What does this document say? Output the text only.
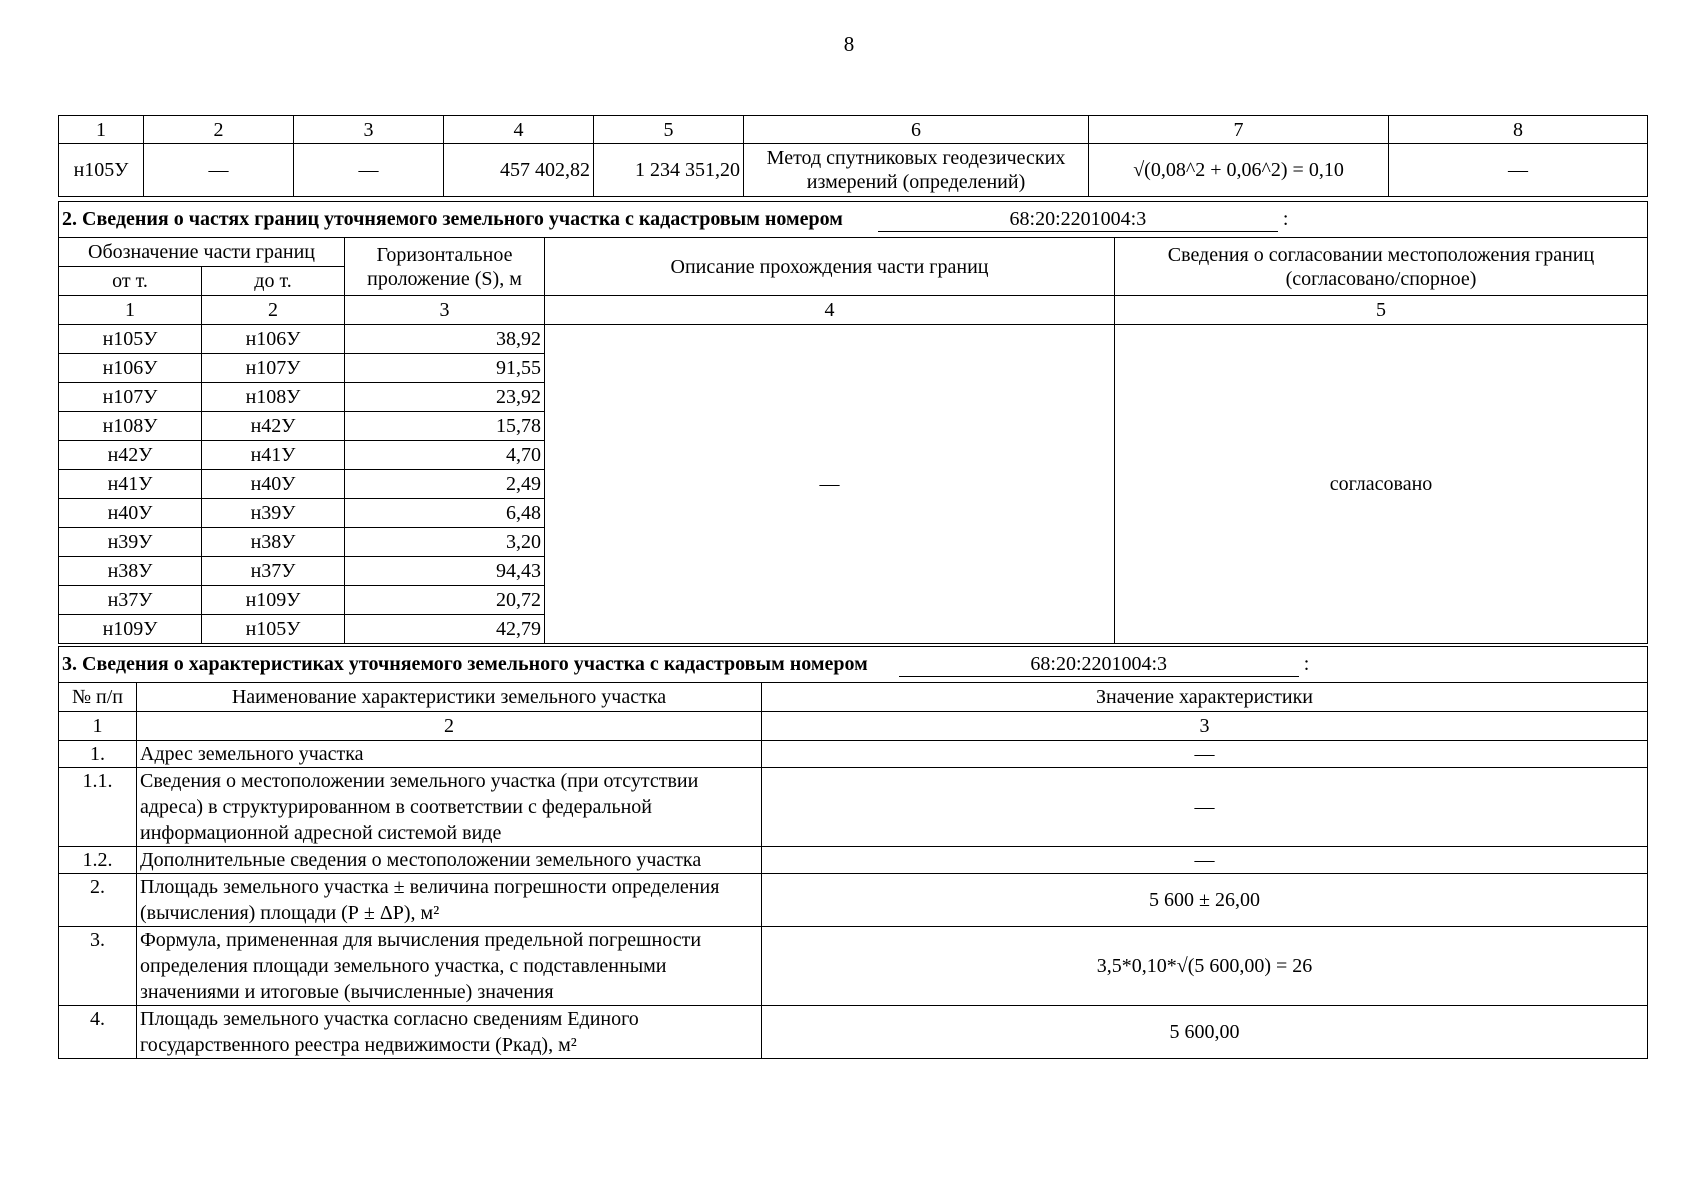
8
1	2	3	4	5	6	7	8
н105У	—	—	457 402,82	1 234 351,20	Метод спутниковых геодезических измерений (определений)	√(0,08^2 + 0,06^2) = 0,10	—
2. Сведения о частях границ уточняемого земельного участка с кадастровым номером 68:20:2201004:3 :				
Обозначение части границ		Горизонтальное проложение (S), м	Описание прохождения части границ	Сведения о согласовании местоположения границ (согласовано/спорное)
от т.	до т.			
1	2	3	4	5
н105У	н106У	38,92	—	согласовано
н106У	н107У	91,55		
н107У	н108У	23,92		
н108У	н42У	15,78		
н42У	н41У	4,70		
н41У	н40У	2,49		
н40У	н39У	6,48		
н39У	н38У	3,20		
н38У	н37У	94,43		
н37У	н109У	20,72		
н109У	н105У	42,79		
3. Сведения о характеристиках уточняемого земельного участка с кадастровым номером 68:20:2201004:3 :		
№ п/п	Наименование характеристики земельного участка	Значение характеристики
1	2	3
1.	Адрес земельного участка	—
1.1.	Сведения о местоположении земельного участка (при отсутствии адреса) в структурированном в соответствии с федеральной информационной адресной системой виде	—
1.2.	Дополнительные сведения о местоположении земельного участка	—
2.	Площадь земельного участка ± величина погрешности определения (вычисления) площади (Р ± ΔР), м²	5 600 ± 26,00
3.	Формула, примененная для вычисления предельной погрешности определения площади земельного участка, с подставленными значениями и итоговые (вычисленные) значения	3,5*0,10*√(5 600,00) = 26
4.	Площадь земельного участка согласно сведениям Единого государственного реестра недвижимости (Ркад), м²	5 600,00
